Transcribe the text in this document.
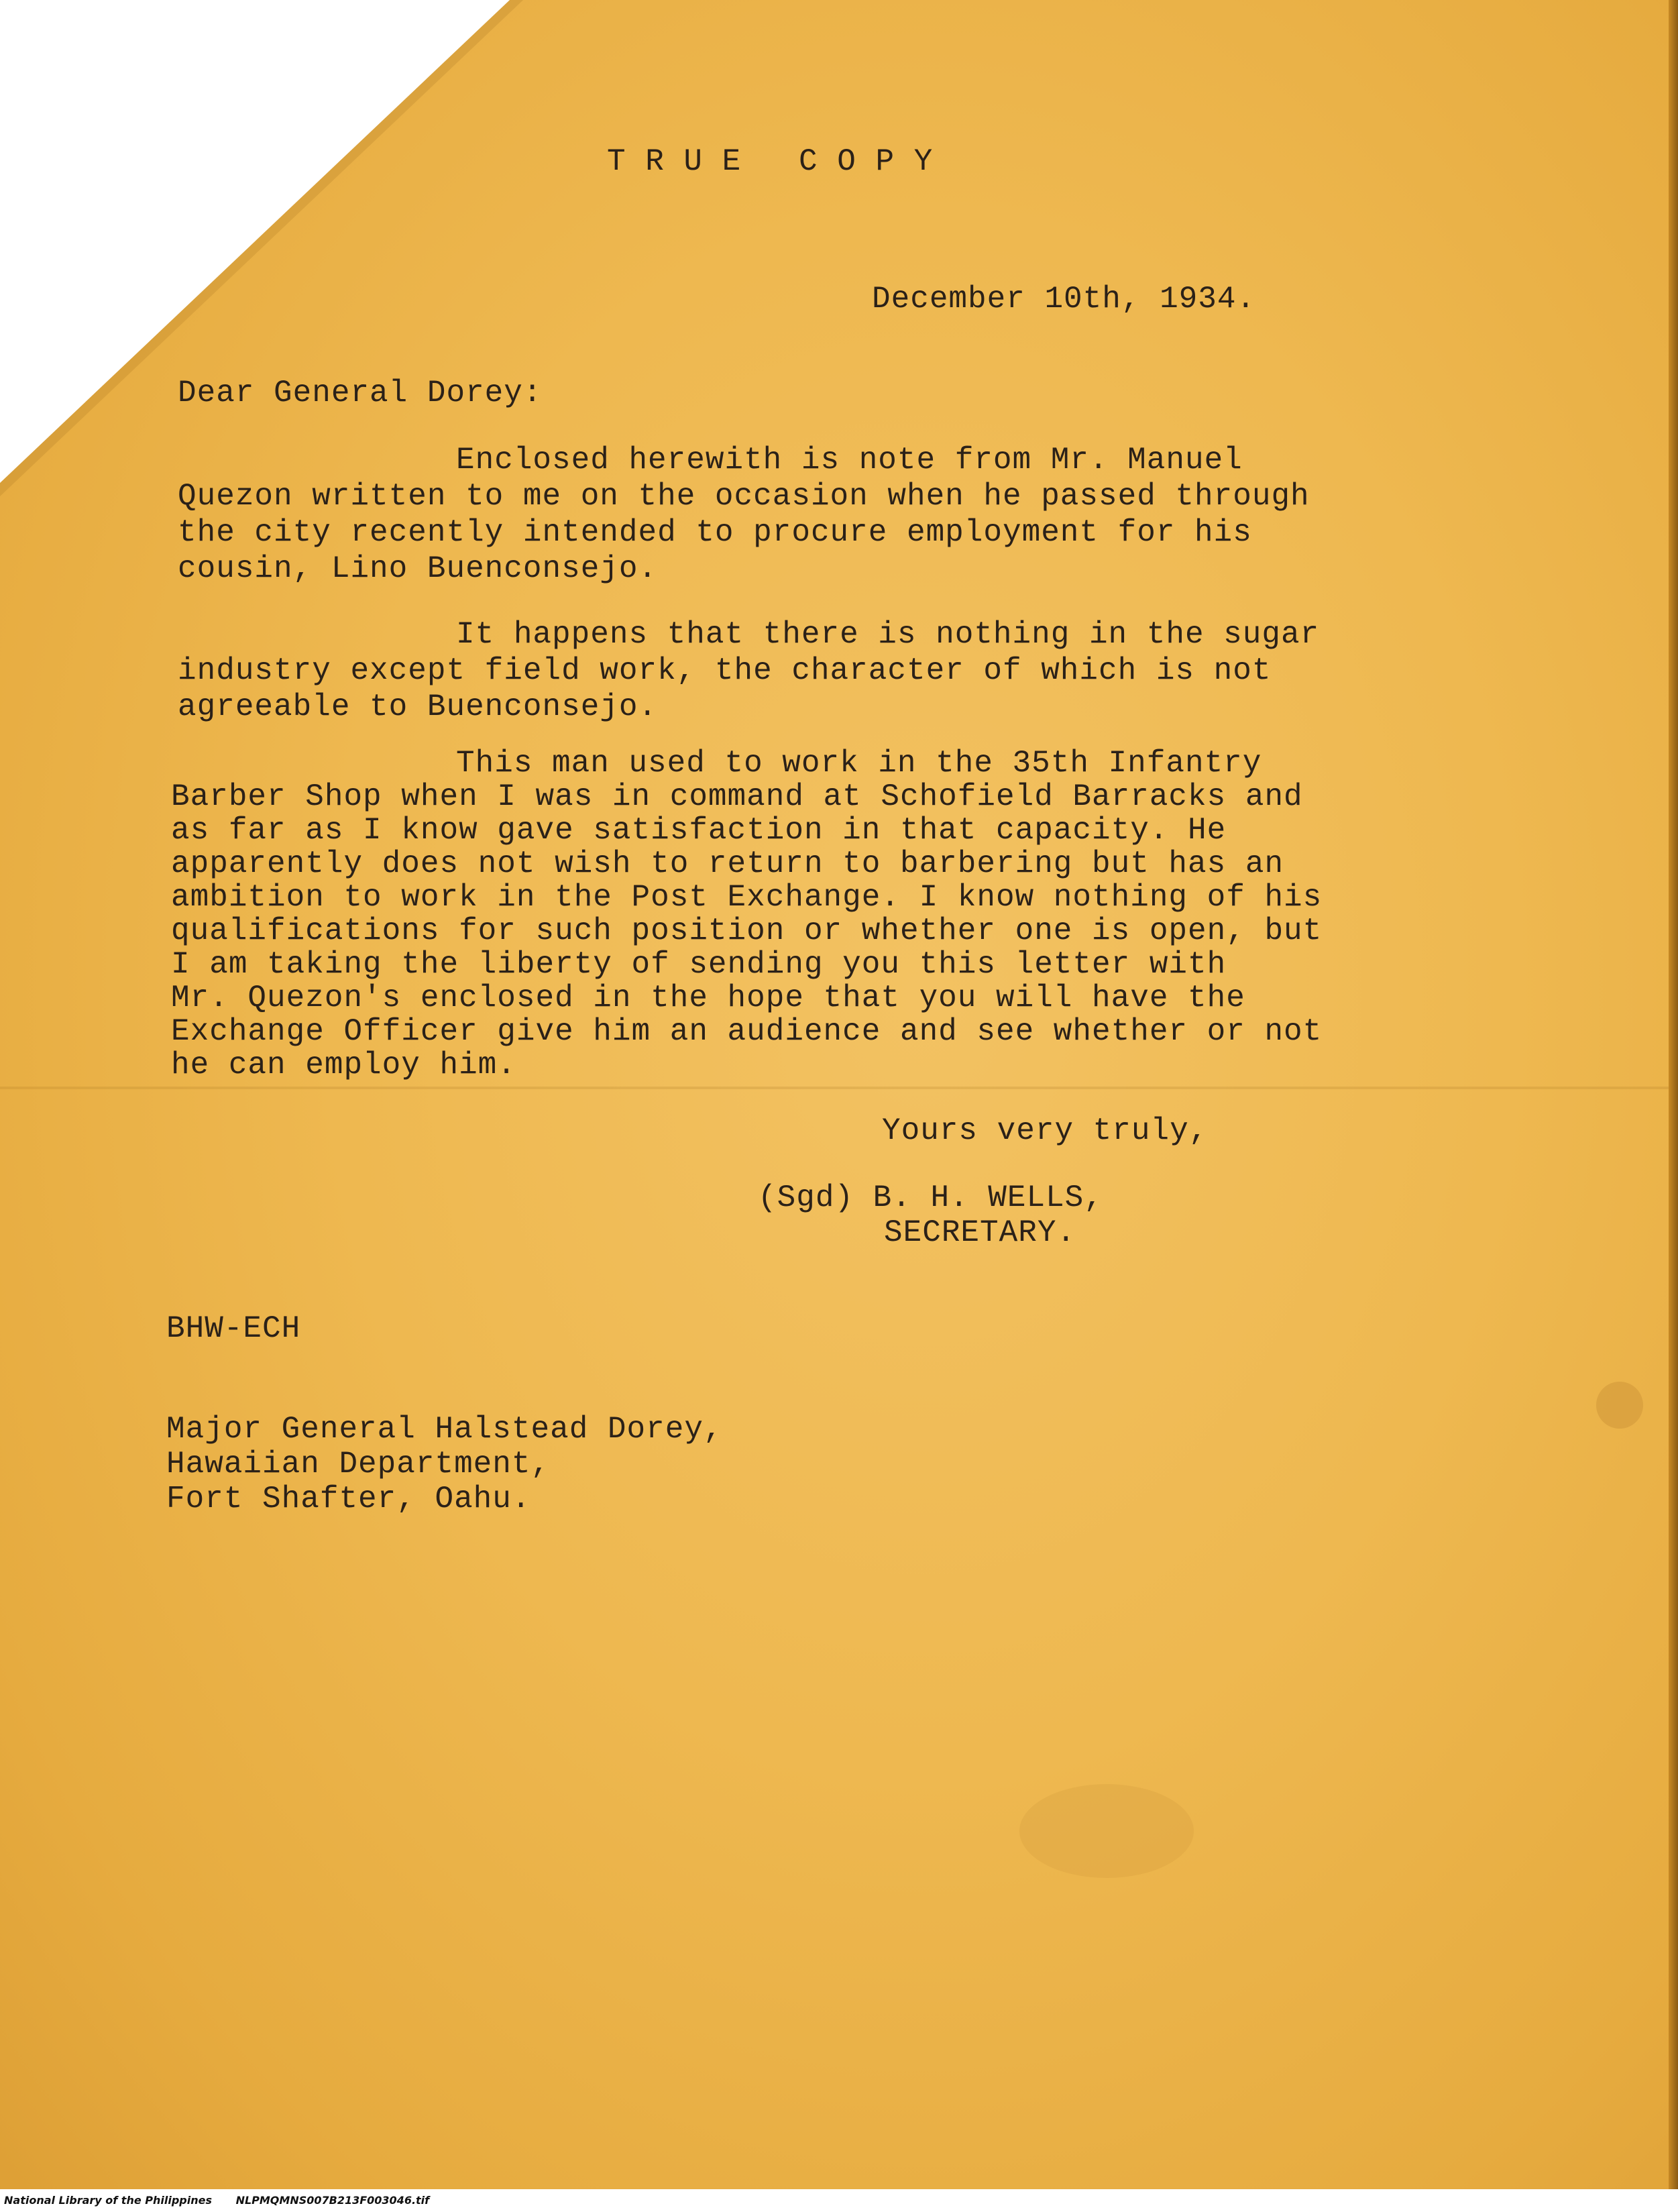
T R U E   C O P Y
December 10th, 1934.
Dear General Dorey:
Enclosed herewith is note from Mr. Manuel
Quezon written to me on the occasion when he passed through
the city recently intended to procure employment for his
cousin, Lino Buenconsejo.
It happens that there is nothing in the sugar
industry except field work, the character of which is not
agreeable to Buenconsejo.
This man used to work in the 35th Infantry
Barber Shop when I was in command at Schofield Barracks and
as far as I know gave satisfaction in that capacity. He
apparently does not wish to return to barbering but has an
ambition to work in the Post Exchange. I know nothing of his
qualifications for such position or whether one is open, but
I am taking the liberty of sending you this letter with
Mr. Quezon's enclosed in the hope that you will have the
Exchange Officer give him an audience and see whether or not
he can employ him.
Yours very truly,
(Sgd) B. H. WELLS,
SECRETARY.
BHW-ECH
Major General Halstead Dorey,
Hawaiian Department,
Fort Shafter, Oahu.
National Library of the Philippines NLPMQMNS007B213F003046.tif
